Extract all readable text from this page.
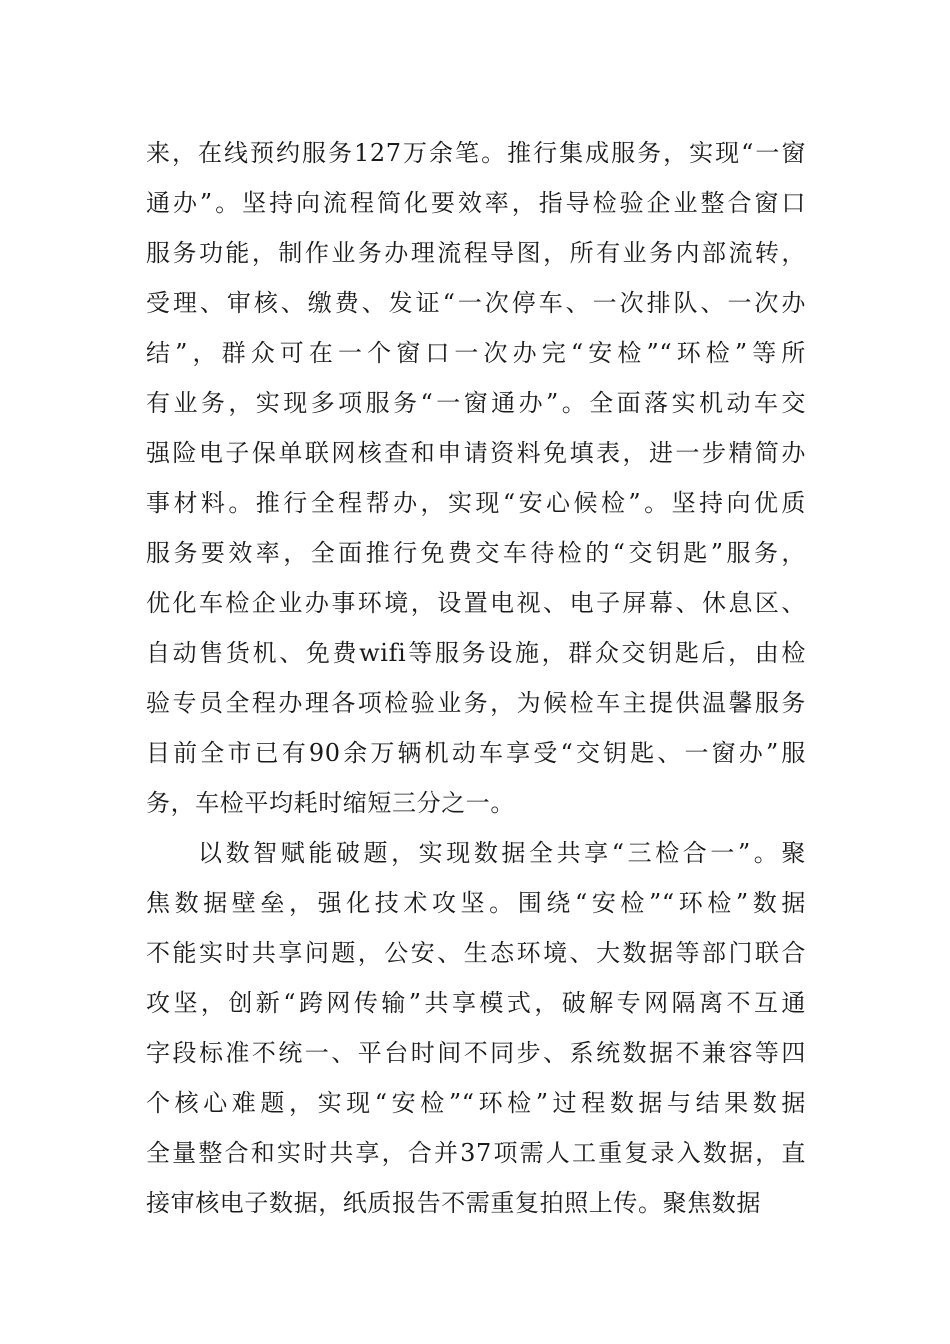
来，在线预约服务127万余笔。推行集成服务，实现“一窗
通办”。坚持向流程简化要效率，指导检验企业整合窗口
服务功能，制作业务办理流程导图，所有业务内部流转，
受理、审核、缴费、发证“一次停车、一次排队、一次办
结”，群众可在一个窗口一次办完“安检”“环检”等所
有业务，实现多项服务“一窗通办”。全面落实机动车交
强险电子保单联网核查和申请资料免填表，进一步精简办
事材料。推行全程帮办，实现“安心候检”。坚持向优质
服务要效率，全面推行免费交车待检的“交钥匙”服务，
优化车检企业办事环境，设置电视、电子屏幕、休息区、
自动售货机、免费wifi等服务设施，群众交钥匙后，由检
验专员全程办理各项检验业务，为候检车主提供温馨服务
目前全市已有90余万辆机动车享受“交钥匙、一窗办”服
务，车检平均耗时缩短三分之一。
以数智赋能破题，实现数据全共享“三检合一”。聚
焦数据壁垒，强化技术攻坚。围绕“安检”“环检”数据
不能实时共享问题，公安、生态环境、大数据等部门联合
攻坚，创新“跨网传输”共享模式，破解专网隔离不互通
字段标准不统一、平台时间不同步、系统数据不兼容等四
个核心难题，实现“安检”“环检”过程数据与结果数据
全量整合和实时共享，合并37项需人工重复录入数据，直
接审核电子数据，纸质报告不需重复拍照上传。聚焦数据
